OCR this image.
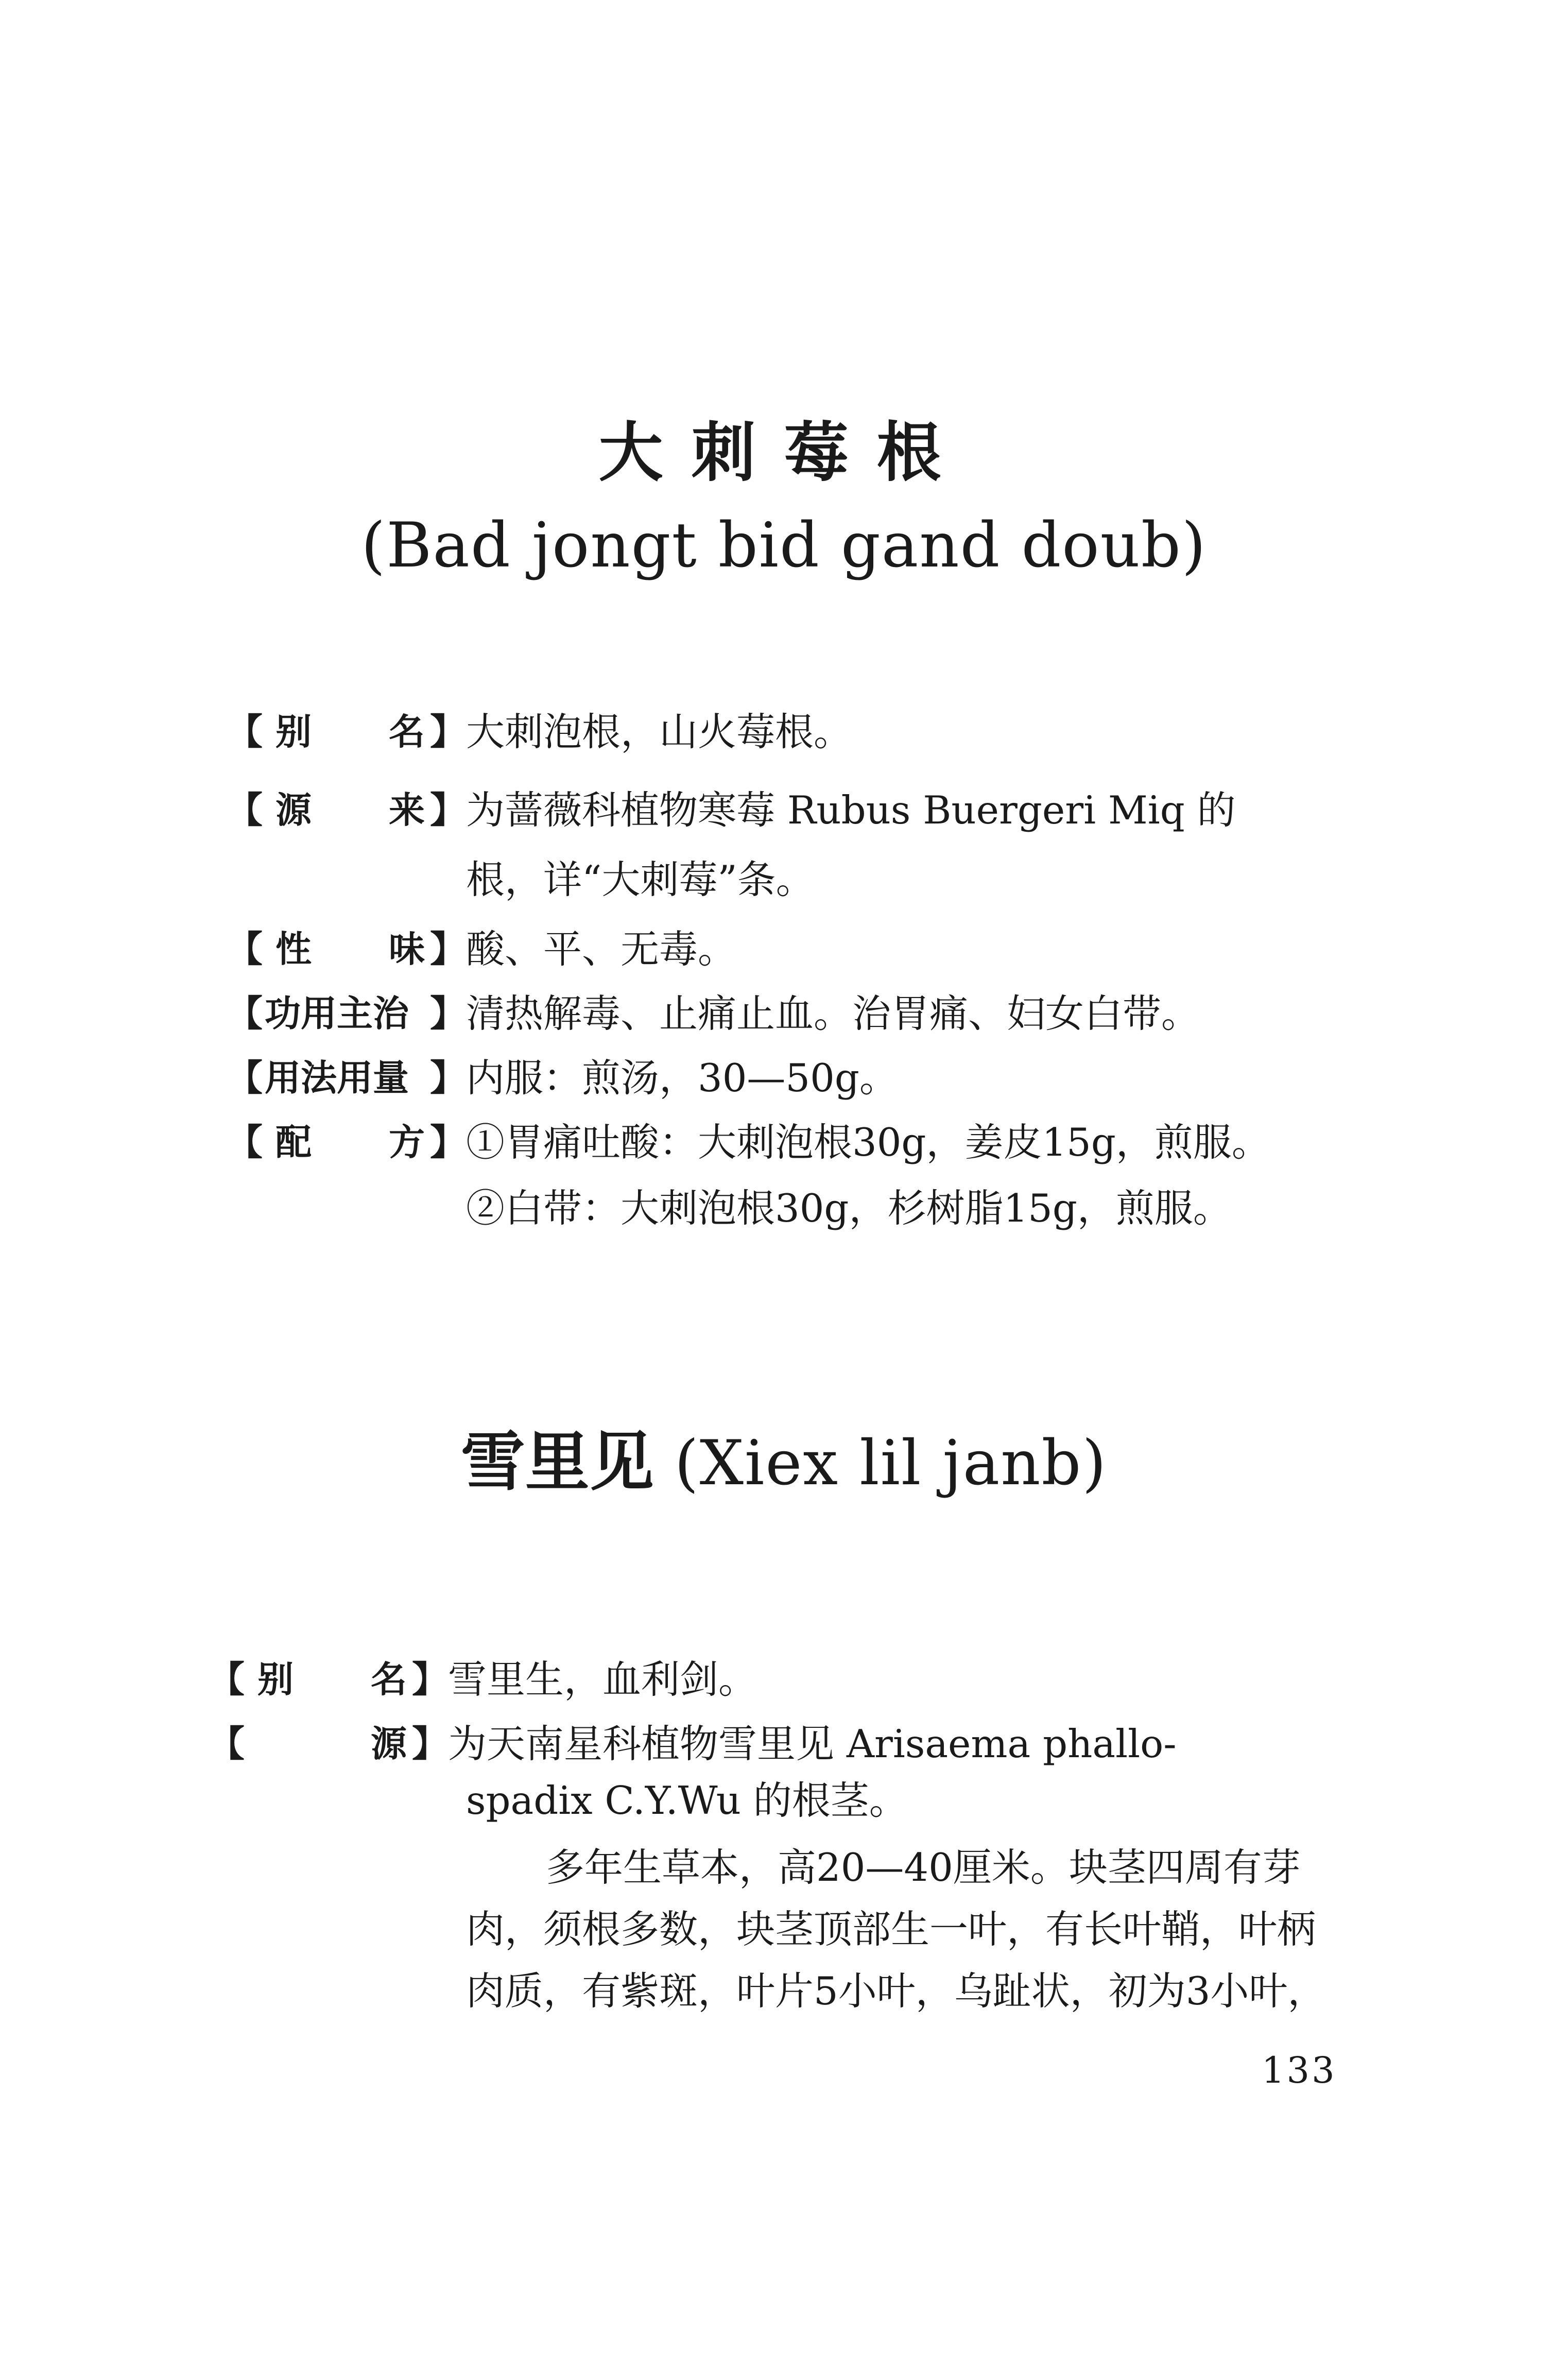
大刺莓根
(Bad jongt bid gand doub)
【 别 名 】 大刺泡根，山火莓根。
【 源 来 】 为蔷薇科植物寒莓 Rubus Buergeri Miq 的
根，详“大刺莓”条。
【 性 味 】 酸、平、无毒。
【 功用主治 】 清热解毒、止痛止血。治胃痛、妇女白带。
【 用法用量 】 内服：煎汤，30—50g。
【 配 方 】 ①胃痛吐酸：大刺泡根30g，姜皮15g，煎服。
②白带：大刺泡根30g，杉树脂15g，煎服。
雪里见 (Xiex lil janb)
【 别 名 】 雪里生，血利剑。
【	源 】 为天南星科植物雪里见 Arisaema phallo-
spadix C.Y.Wu 的根茎。
多年生草本，高20—40厘米。块茎四周有芽
肉，须根多数，块茎顶部生一叶，有长叶鞘，叶柄
肉质，有紫斑，叶片5小叶，乌趾状，初为3小叶，
133
